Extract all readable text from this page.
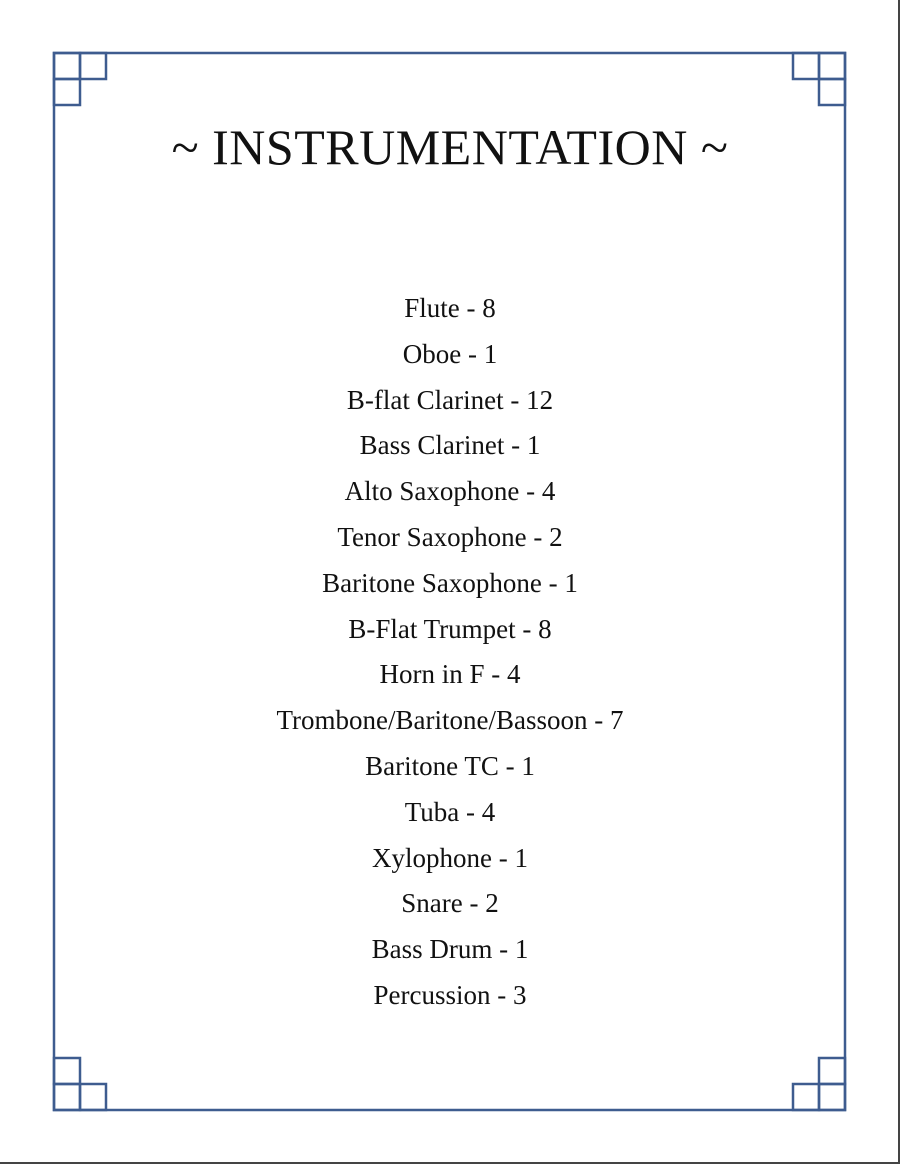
~ INSTRUMENTATION ~
Flute - 8
Oboe - 1
B-flat Clarinet - 12
Bass Clarinet - 1
Alto Saxophone - 4
Tenor Saxophone - 2
Baritone Saxophone - 1
B-Flat Trumpet - 8
Horn in F - 4
Trombone/Baritone/Bassoon - 7
Baritone TC - 1
Tuba - 4
Xylophone - 1
Snare - 2
Bass Drum - 1
Percussion - 3
